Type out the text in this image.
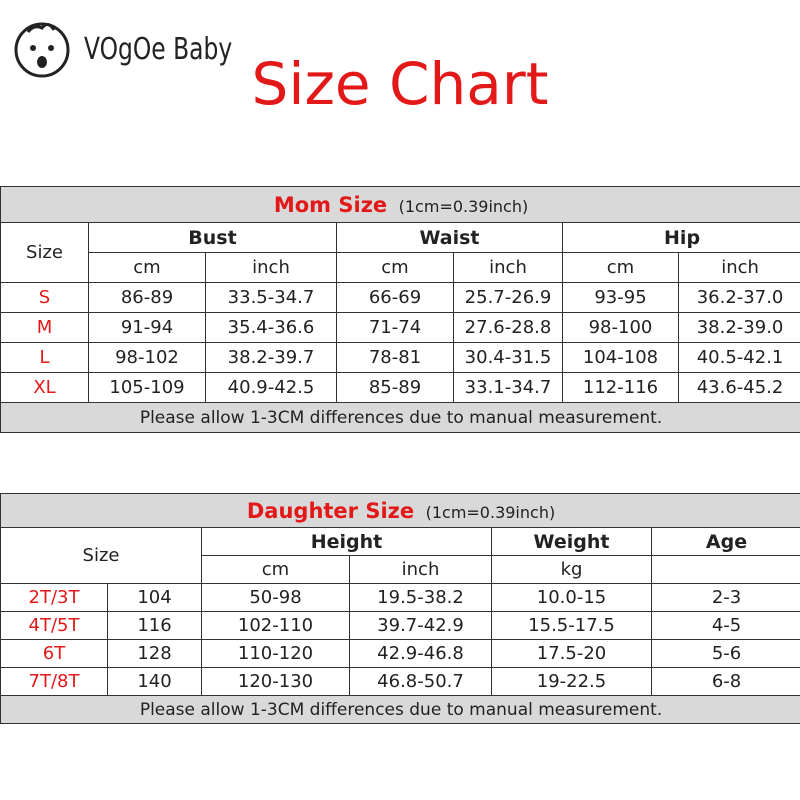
VOgOe Baby
Size Chart
Mom Size (1cm=0.39inch)						
Size	Bust		Waist		Hip	
	cm	inch	cm	inch	cm	inch
S	86-89	33.5-34.7	66-69	25.7-26.9	93-95	36.2-37.0
M	91-94	35.4-36.6	71-74	27.6-28.8	98-100	38.2-39.0
L	98-102	38.2-39.7	78-81	30.4-31.5	104-108	40.5-42.1
XL	105-109	40.9-42.5	85-89	33.1-34.7	112-116	43.6-45.2
Please allow 1-3CM differences due to manual measurement.						
Daughter Size (1cm=0.39inch)					
Size		Height		Weight	Age
		cm	inch	kg	
2T/3T	104	50-98	19.5-38.2	10.0-15	2-3
4T/5T	116	102-110	39.7-42.9	15.5-17.5	4-5
6T	128	110-120	42.9-46.8	17.5-20	5-6
7T/8T	140	120-130	46.8-50.7	19-22.5	6-8
Please allow 1-3CM differences due to manual measurement.					
